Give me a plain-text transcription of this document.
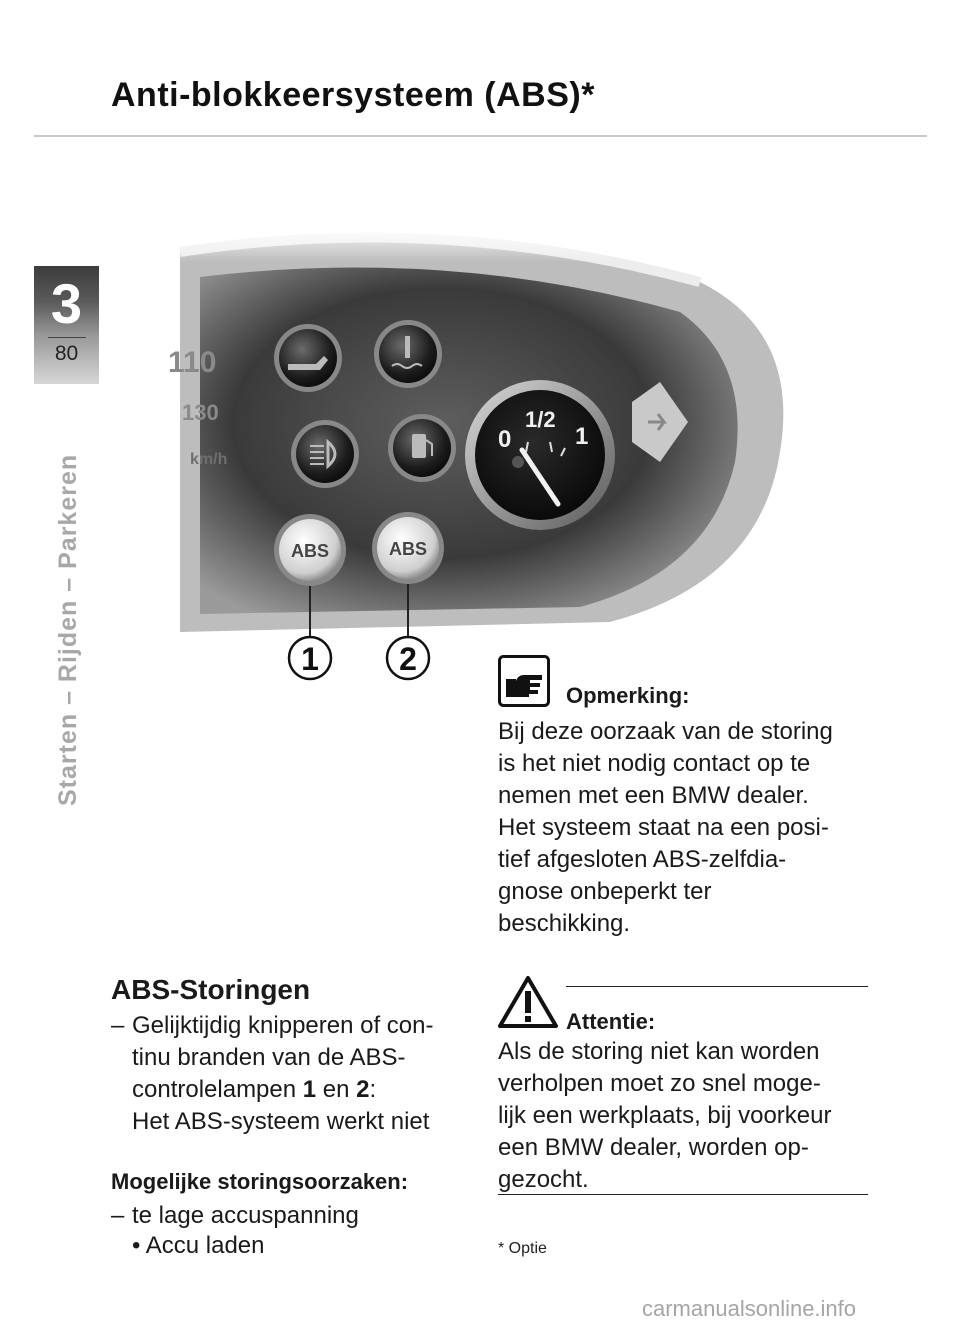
Anti-blokkeersysteem (ABS)*
3
80
Starten – Rijden – Parkeren
110
130
km/h
ABS	ABS
0
1/2
1
1	2
Opmerking:
Bij deze oorzaak van de storing
is het niet nodig contact op te
nemen met een BMW dealer.
Het systeem staat na een posi-
tief afgesloten ABS-zelfdia-
gnose onbeperkt ter
beschikking.
ABS-Storingen
– Gelijktijdig knipperen of con-
tinu branden van de ABS-
controlelampen 1 en 2:
Het ABS-systeem werkt niet
Mogelijke storingsoorzaken:
– te lage accuspanning
• Accu laden
Attentie:
Als de storing niet kan worden
verholpen moet zo snel moge-
lijk een werkplaats, bij voorkeur
een BMW dealer, worden op-
gezocht.
* Optie
carmanualsonline.info
